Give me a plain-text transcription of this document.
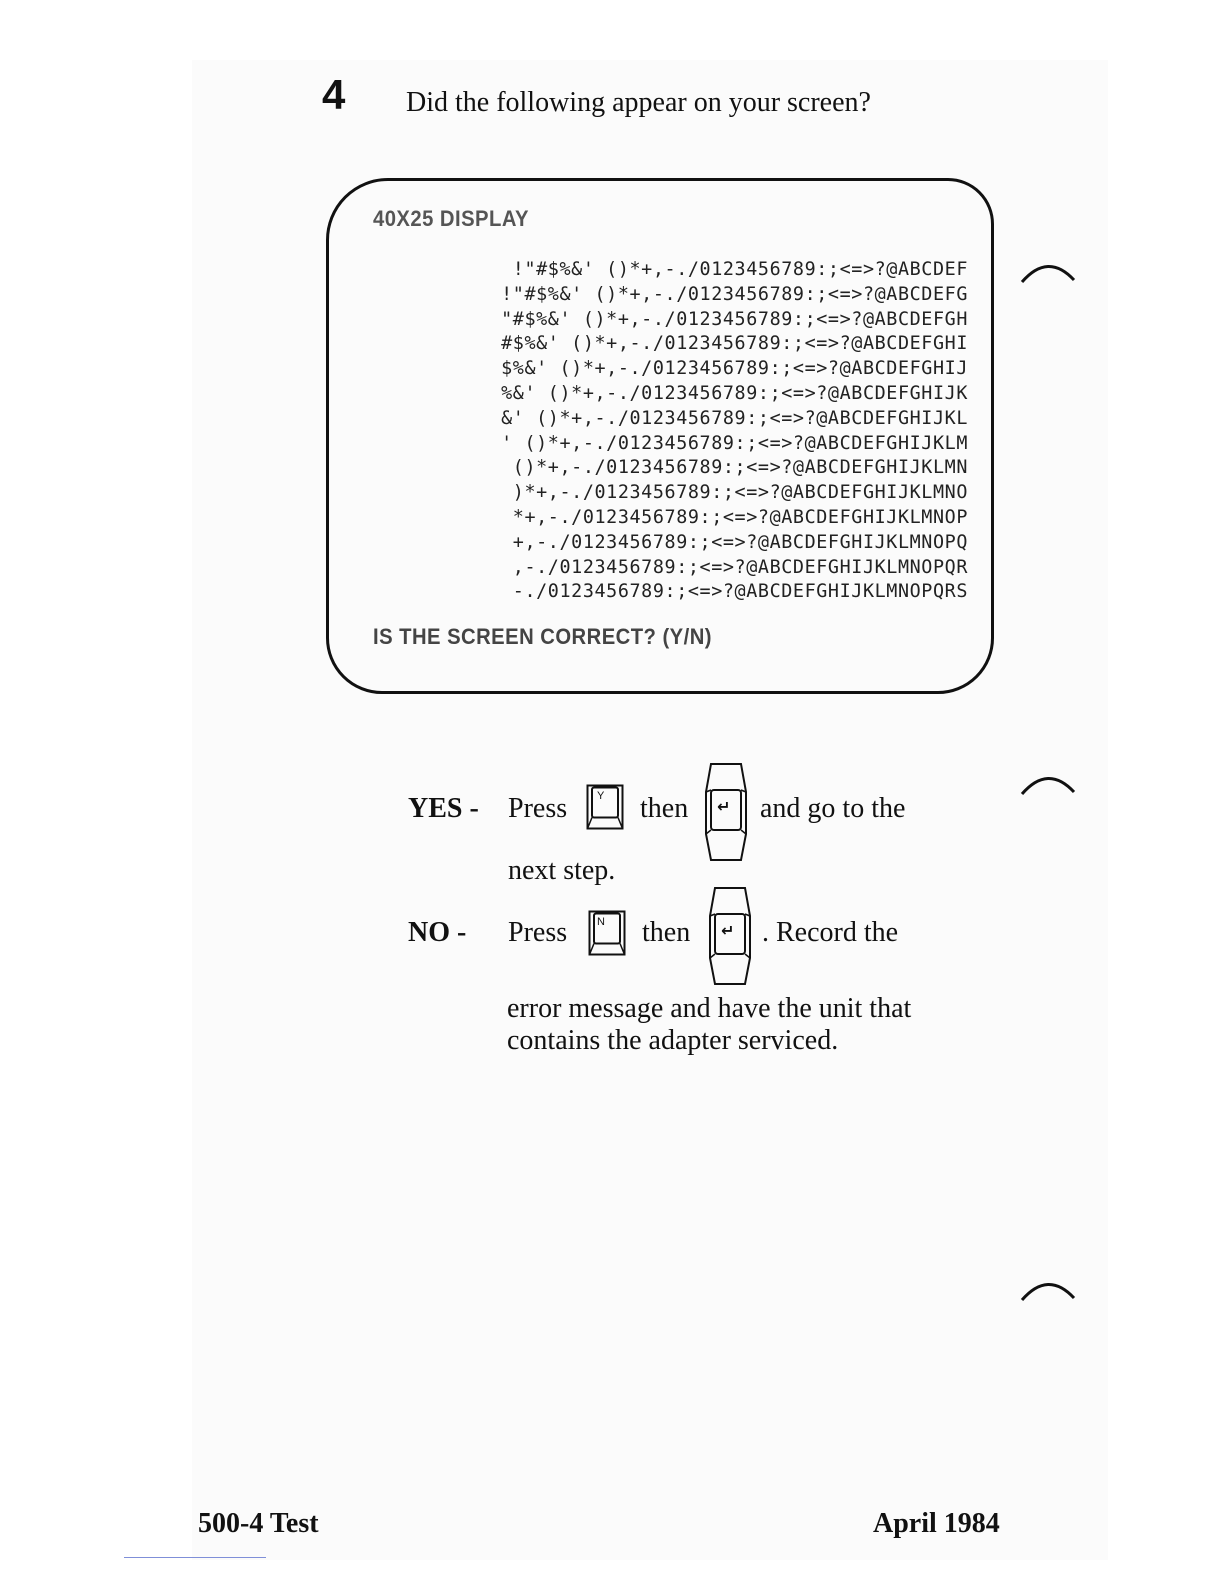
4 Did the following appear on your screen?
40X25 DISPLAY
!"#$%&' ()*+,-./0123456789:;<=>?@ABCDEF
!"#$%&' ()*+,-./0123456789:;<=>?@ABCDEFG
"#$%&' ()*+,-./0123456789:;<=>?@ABCDEFGH
#$%&' ()*+,-./0123456789:;<=>?@ABCDEFGHI
$%&' ()*+,-./0123456789:;<=>?@ABCDEFGHIJ
%&' ()*+,-./0123456789:;<=>?@ABCDEFGHIJK
&' ()*+,-./0123456789:;<=>?@ABCDEFGHIJKL
' ()*+,-./0123456789:;<=>?@ABCDEFGHIJKLM
()*+,-./0123456789:;<=>?@ABCDEFGHIJKLMN
)*+,-./0123456789:;<=>?@ABCDEFGHIJKLMNO
*+,-./0123456789:;<=>?@ABCDEFGHIJKLMNOP
+,-./0123456789:;<=>?@ABCDEFGHIJKLMNOPQ
,-./0123456789:;<=>?@ABCDEFGHIJKLMNOPQR
-./0123456789:;<=>?@ABCDEFGHIJKLMNOPQRS
IS THE SCREEN CORRECT? (Y/N)
YES - Press	Y then ↵ and go to the
next step.
NO - Press	N then ↵ . Record the
error message and have the unit that
contains the adapter serviced.
500-4 Test	April 1984
